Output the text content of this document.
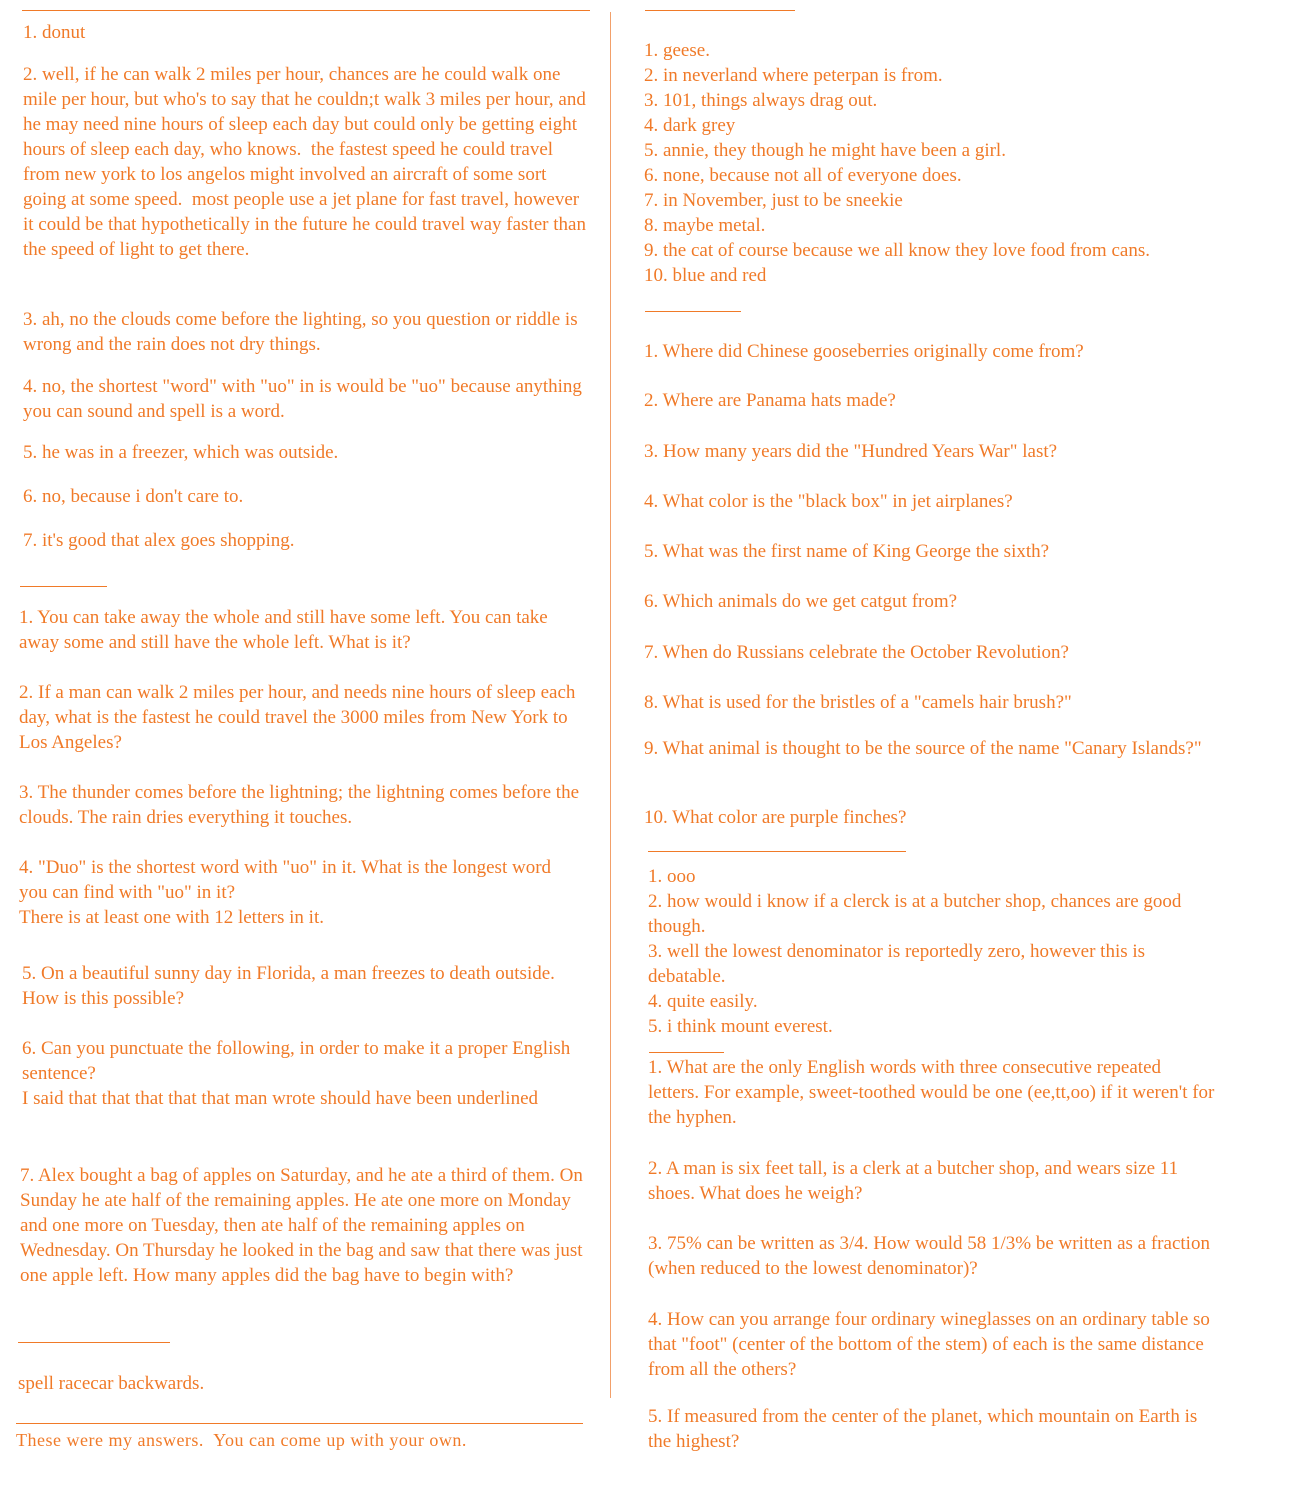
1. donut
2. well, if he can walk 2 miles per hour, chances are he could walk one mile per hour, but who's to say that he couldn;t walk 3 miles per hour, and he may need nine hours of sleep each day but could only be getting eight hours of sleep each day, who knows.  the fastest speed he could travel from new york to los angelos might involved an aircraft of some sort going at some speed.  most people use a jet plane for fast travel, however it could be that hypothetically in the future he could travel way faster than the speed of light to get there.
3. ah, no the clouds come before the lighting, so you question or riddle is wrong and the rain does not dry things.
4. no, the shortest "word" with "uo" in is would be "uo" because anything you can sound and spell is a word.
5. he was in a freezer, which was outside.
6. no, because i don't care to.
7. it's good that alex goes shopping.
1. You can take away the whole and still have some left. You can take away some and still have the whole left. What is it?
2. If a man can walk 2 miles per hour, and needs nine hours of sleep each day, what is the fastest he could travel the 3000 miles from New York to Los Angeles?
3. The thunder comes before the lightning; the lightning comes before the clouds. The rain dries everything it touches.
4. "Duo" is the shortest word with "uo" in it. What is the longest word you can find with "uo" in it?
There is at least one with 12 letters in it.
5. On a beautiful sunny day in Florida, a man freezes to death outside. How is this possible?
6. Can you punctuate the following, in order to make it a proper English sentence?
I said that that that that that man wrote should have been underlined
7. Alex bought a bag of apples on Saturday, and he ate a third of them. On Sunday he ate half of the remaining apples. He ate one more on Monday and one more on Tuesday, then ate half of the remaining apples on Wednesday. On Thursday he looked in the bag and saw that there was just one apple left. How many apples did the bag have to begin with?
spell racecar backwards.
These were my answers.  You can come up with your own.
1. geese.
2. in neverland where peterpan is from.
3. 101, things always drag out.
4. dark grey
5. annie, they though he might have been a girl.
6. none, because not all of everyone does.
7. in November, just to be sneekie
8. maybe metal.
9. the cat of course because we all know they love food from cans.
10. blue and red
1. Where did Chinese gooseberries originally come from?
2. Where are Panama hats made?
3. How many years did the "Hundred Years War" last?
4. What color is the "black box" in jet airplanes?
5. What was the first name of King George the sixth?
6. Which animals do we get catgut from?
7. When do Russians celebrate the October Revolution?
8. What is used for the bristles of a "camels hair brush?"
9. What animal is thought to be the source of the name "Canary Islands?"
10. What color are purple finches?
1. ooo
2. how would i know if a clerck is at a butcher shop, chances are good though.
3. well the lowest denominator is reportedly zero, however this is debatable.
4. quite easily.
5. i think mount everest.
1. What are the only English words with three consecutive repeated letters. For example, sweet-toothed would be one (ee,tt,oo) if it weren't for the hyphen.
2. A man is six feet tall, is a clerk at a butcher shop, and wears size 11 shoes. What does he weigh?
3. 75% can be written as 3/4. How would 58 1/3% be written as a fraction (when reduced to the lowest denominator)?
4. How can you arrange four ordinary wineglasses on an ordinary table so that "foot" (center of the bottom of the stem) of each is the same distance from all the others?
5. If measured from the center of the planet, which mountain on Earth is the highest?
